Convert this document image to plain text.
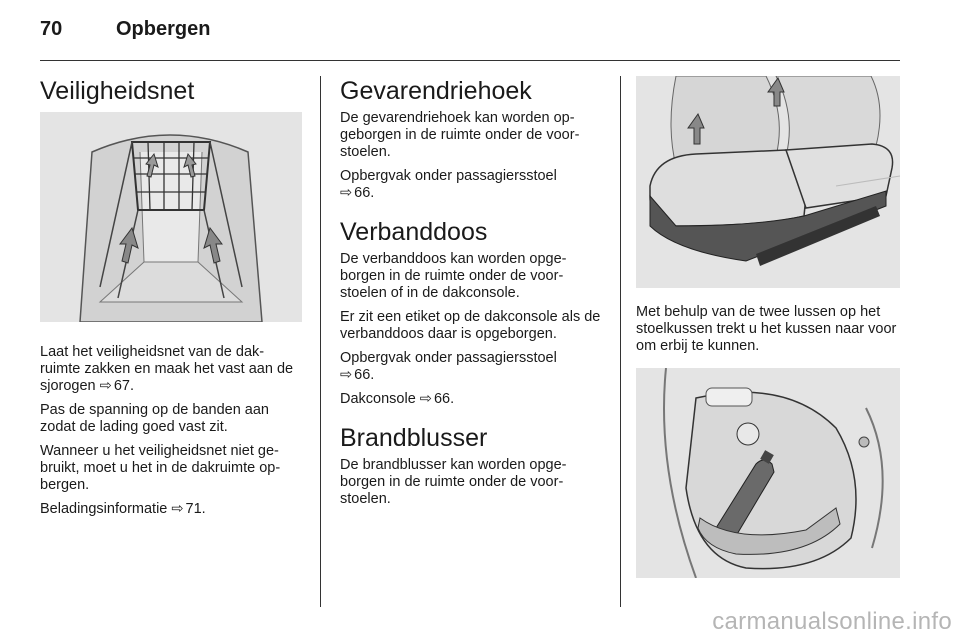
70	Opbergen
Veiligheidsnet

Laat het veiligheidsnet van de dak-ruimte zakken en maak het vast aan de sjorogen ⇨ 67.

Pas de spanning op de banden aan zodat de lading goed vast zit.

Wanneer u het veiligheidsnet niet ge-bruikt, moet u het in de dakruimte op-bergen.

Beladingsinformatie ⇨ 71.

Gevarendriehoek

De gevarendriehoek kan worden op-geborgen in de ruimte onder de voor-stoelen.

Opbergvak onder passagiersstoel
⇨ 66.

Verbanddoos

De verbanddoos kan worden opge-borgen in de ruimte onder de voor-stoelen of in de dakconsole.

Er zit een etiket op de dakconsole als de verbanddoos daar is opgeborgen.

Opbergvak onder passagiersstoel
⇨ 66.

Dakconsole ⇨ 66.

Brandblusser

De brandblusser kan worden opge-borgen in de ruimte onder de voor-stoelen.

Met behulp van de twee lussen op het stoelkussen trekt u het kussen naar voor om erbij te kunnen.

carmanualsonline.info
